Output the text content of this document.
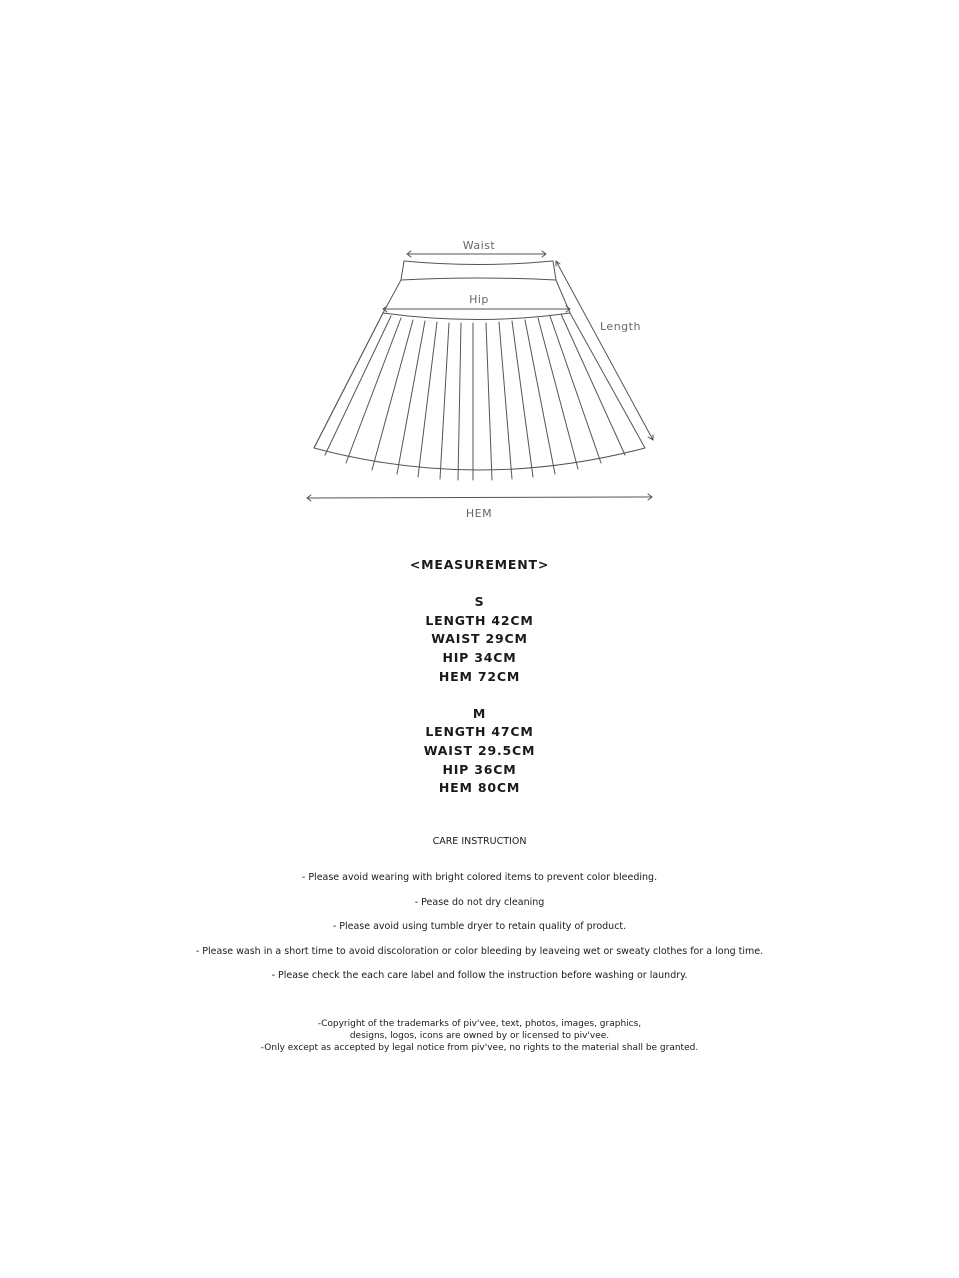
Waist
Hip
Length
HEM
<MEASUREMENT>
S
LENGTH 42CM
WAIST 29CM
HIP 34CM
HEM 72CM
M
LENGTH 47CM
WAIST 29.5CM
HIP 36CM
HEM 80CM
CARE INSTRUCTION
- Please avoid wearing with bright colored items to prevent color bleeding.
- Pease do not dry cleaning
- Please avoid using tumble dryer to retain quality of product.
- Please wash in a short time to avoid discoloration or color bleeding by leaveing wet or sweaty clothes for a long time.
- Please check the each care label and follow the instruction before washing or laundry.
-Copyright of the trademarks of piv'vee, text, photos, images, graphics,
designs, logos, icons are owned by or licensed to piv'vee.
-Only except as accepted by legal notice from piv'vee, no rights to the material shall be granted.
